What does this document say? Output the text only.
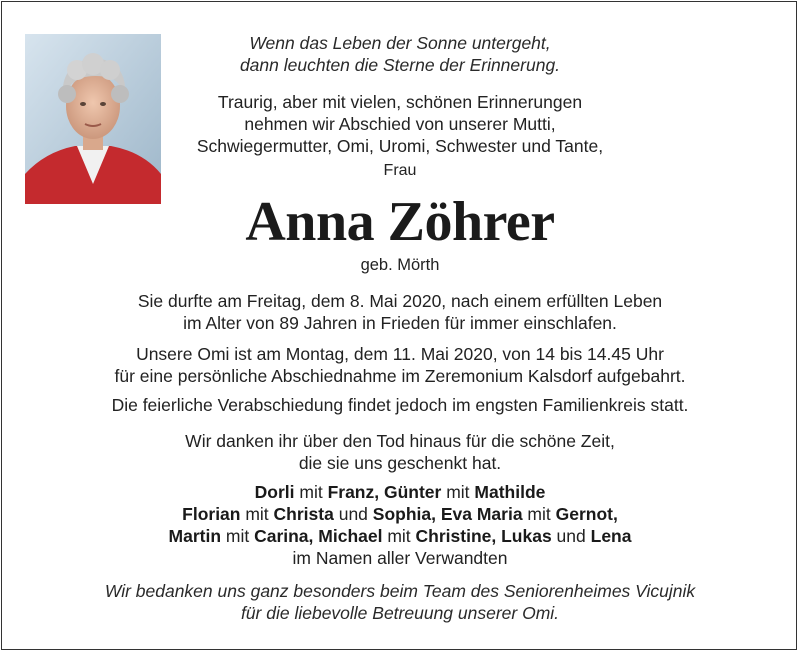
Wenn das Leben der Sonne untergeht,
dann leuchten die Sterne der Erinnerung.
Traurig, aber mit vielen, schönen Erinnerungen
nehmen wir Abschied von unserer Mutti,
Schwiegermutter, Omi, Uromi, Schwester und Tante,
Frau
Anna Zöhrer
geb. Mörth
Sie durfte am Freitag, dem 8. Mai 2020, nach einem erfüllten Leben
im Alter von 89 Jahren in Frieden für immer einschlafen.
Unsere Omi ist am Montag, dem 11. Mai 2020, von 14 bis 14.45 Uhr
für eine persönliche Abschiednahme im Zeremonium Kalsdorf aufgebahrt.
Die feierliche Verabschiedung findet jedoch im engsten Familienkreis statt.
Wir danken ihr über den Tod hinaus für die schöne Zeit,
die sie uns geschenkt hat.
Dorli mit Franz, Günter mit Mathilde
Florian mit Christa und Sophia, Eva Maria mit Gernot,
Martin mit Carina, Michael mit Christine, Lukas und Lena
im Namen aller Verwandten
Wir bedanken uns ganz besonders beim Team des Seniorenheimes Vicujnik
für die liebevolle Betreuung unserer Omi.
